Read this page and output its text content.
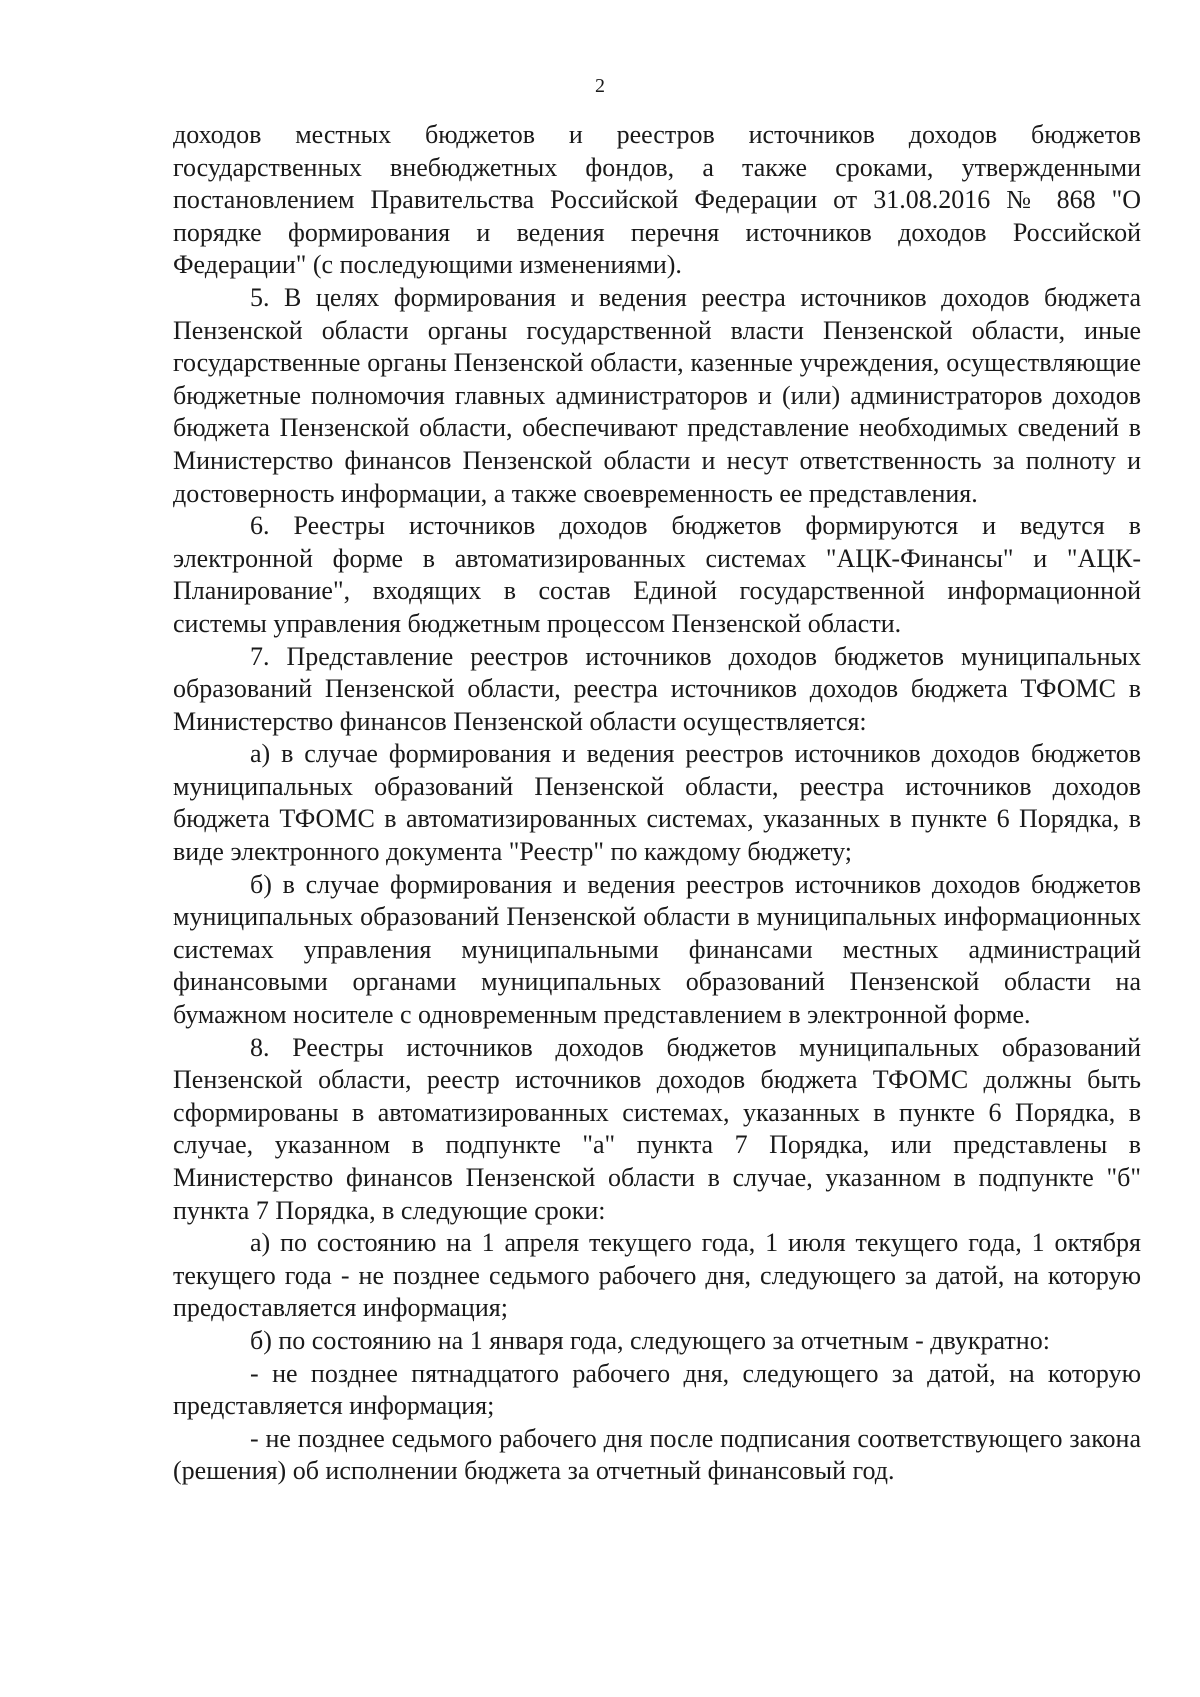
2

доходов местных бюджетов и реестров источников доходов бюджетов государственных внебюджетных фондов, а также сроками, утвержденными постановлением Правительства Российской Федерации от 31.08.2016 № 868 "О порядке формирования и ведения перечня источников доходов Российской Федерации" (с последующими изменениями).

5. В целях формирования и ведения реестра источников доходов бюджета Пензенской области органы государственной власти Пензенской области, иные государственные органы Пензенской области, казенные учреждения, осуществляющие бюджетные полномочия главных администраторов и (или) администраторов доходов бюджета Пензенской области, обеспечивают представление необходимых сведений в Министерство финансов Пензенской области и несут ответственность за полноту и достоверность информации, а также своевременность ее представления.

6. Реестры источников доходов бюджетов формируются и ведутся в электронной форме в автоматизированных системах "АЦК-Финансы" и "АЦК-Планирование", входящих в состав Единой государственной информационной системы управления бюджетным процессом Пензенской области.

7. Представление реестров источников доходов бюджетов муниципальных образований Пензенской области, реестра источников доходов бюджета ТФОМС в Министерство финансов Пензенской области осуществляется:

а) в случае формирования и ведения реестров источников доходов бюджетов муниципальных образований Пензенской области, реестра источников доходов бюджета ТФОМС в автоматизированных системах, указанных в пункте 6 Порядка, в виде электронного документа "Реестр" по каждому бюджету;

б) в случае формирования и ведения реестров источников доходов бюджетов муниципальных образований Пензенской области в муниципальных информационных системах управления муниципальными финансами местных администраций финансовыми органами муниципальных образований Пензенской области на бумажном носителе с одновременным представлением в электронной форме.

8. Реестры источников доходов бюджетов муниципальных образований Пензенской области, реестр источников доходов бюджета ТФОМС должны быть сформированы в автоматизированных системах, указанных в пункте 6 Порядка, в случае, указанном в подпункте "а" пункта 7 Порядка, или представлены в Министерство финансов Пензенской области в случае, указанном в подпункте "б" пункта 7 Порядка, в следующие сроки:

а) по состоянию на 1 апреля текущего года, 1 июля текущего года, 1 октября текущего года - не позднее седьмого рабочего дня, следующего за датой, на которую предоставляется информация;

б) по состоянию на 1 января года, следующего за отчетным - двукратно:

- не позднее пятнадцатого рабочего дня, следующего за датой, на которую представляется информация;

- не позднее седьмого рабочего дня после подписания соответствующего закона (решения) об исполнении бюджета за отчетный финансовый год.
